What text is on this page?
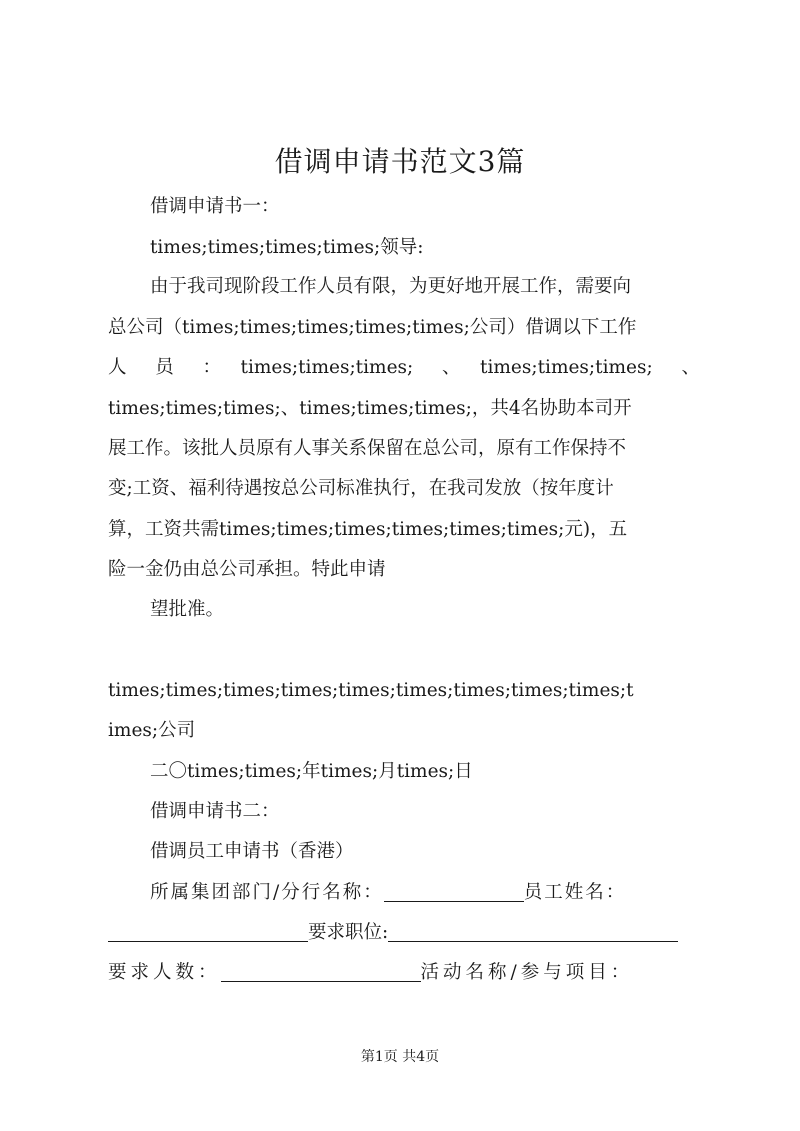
借调申请书范文3篇
借调申请书一：
times;times;times;times;领导:
由于我司现阶段工作人员有限，为更好地开展工作，需要向
总公司（times;times;times;times;times;公司）借调以下工作
人　员　：　times;times;times;　、　times;times;times;　、
times;times;times;、times;times;times;，共4名协助本司开
展工作。该批人员原有人事关系保留在总公司，原有工作保持不
变;工资、福利待遇按总公司标准执行，在我司发放（按年度计
算，工资共需times;times;times;times;times;times;元)，五
险一金仍由总公司承担。特此申请
望批准。
times;times;times;times;times;times;times;times;times;t
imes;公司
二〇times;times;年times;月times;日
借调申请书二：
借调员工申请书（香港）
所属集团部门/分行名称：	员工姓名：
要求职位:
要求人数：	活动名称/参与项目：
第1页 共4页
